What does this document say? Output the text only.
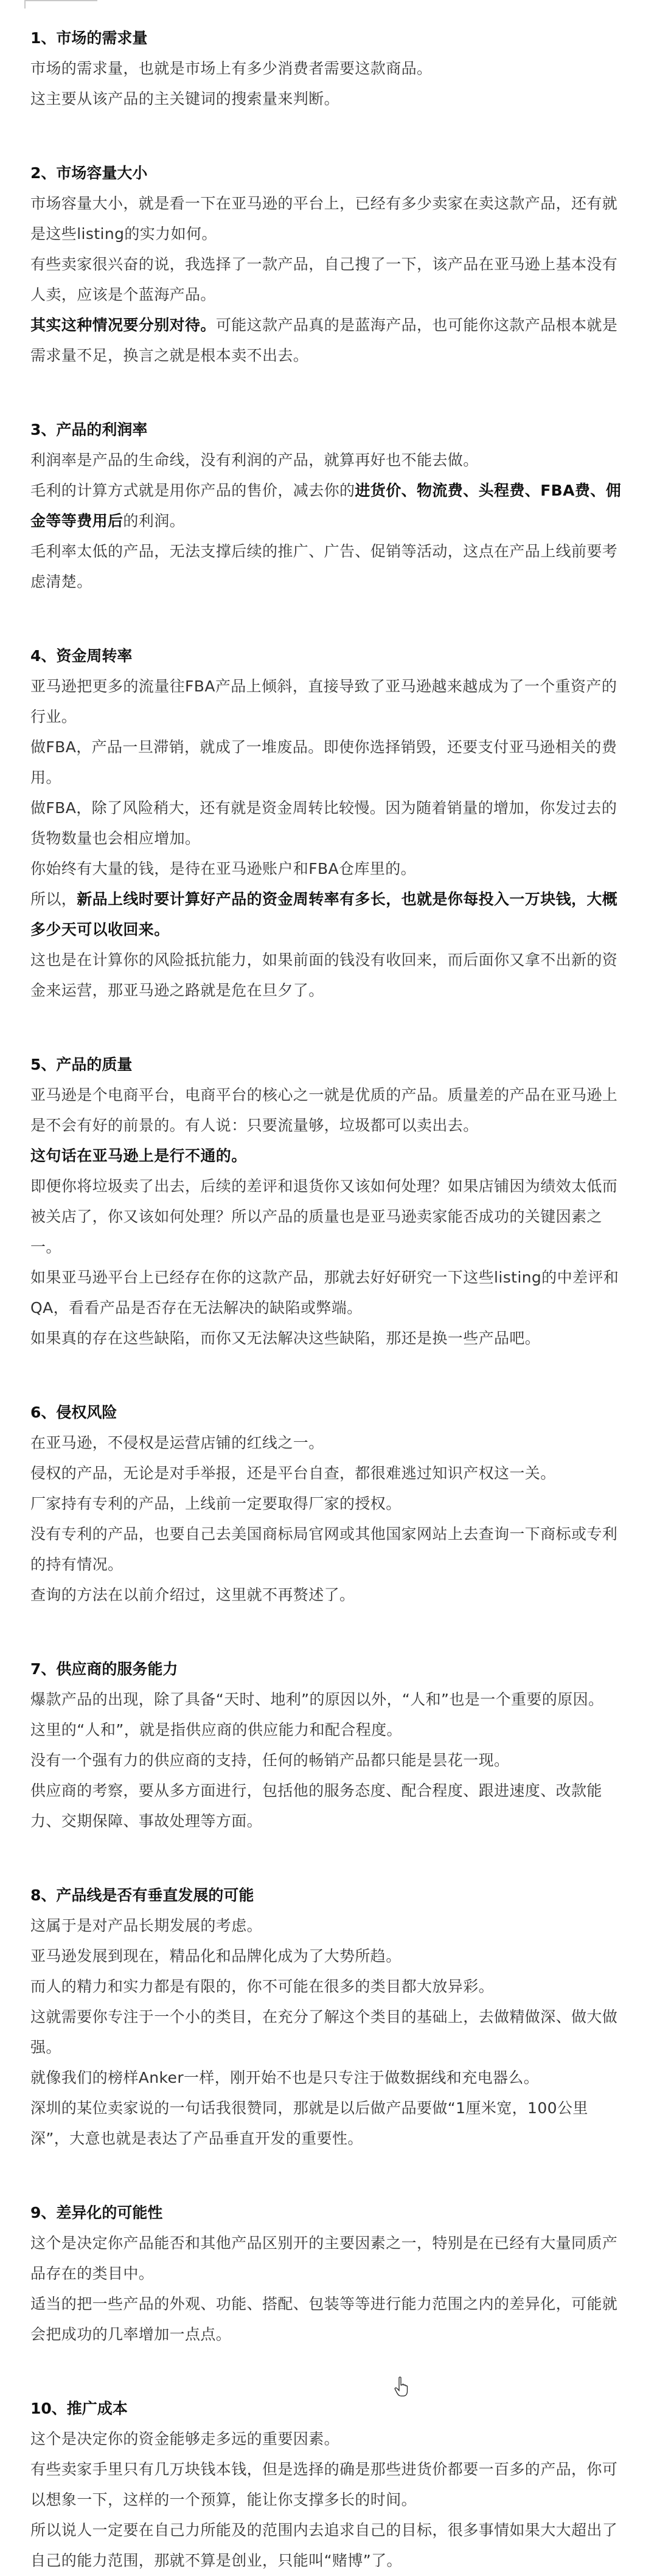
1、市场的需求量
市场的需求量，也就是市场上有多少消费者需要这款商品。
这主要从该产品的主关键词的搜索量来判断。
2、市场容量大小
市场容量大小，就是看一下在亚马逊的平台上，已经有多少卖家在卖这款产品，还有就是这些listing的实力如何。
有些卖家很兴奋的说，我选择了一款产品，自己搜了一下，该产品在亚马逊上基本没有人卖，应该是个蓝海产品。
其实这种情况要分别对待。可能这款产品真的是蓝海产品，也可能你这款产品根本就是需求量不足，换言之就是根本卖不出去。
3、产品的利润率
利润率是产品的生命线，没有利润的产品，就算再好也不能去做。
毛利的计算方式就是用你产品的售价，减去你的进货价、物流费、头程费、FBA费、佣金等等费用后的利润。
毛利率太低的产品，无法支撑后续的推广、广告、促销等活动，这点在产品上线前要考虑清楚。
4、资金周转率
亚马逊把更多的流量往FBA产品上倾斜，直接导致了亚马逊越来越成为了一个重资产的行业。
做FBA，产品一旦滞销，就成了一堆废品。即使你选择销毁，还要支付亚马逊相关的费用。
做FBA，除了风险稍大，还有就是资金周转比较慢。因为随着销量的增加，你发过去的货物数量也会相应增加。
你始终有大量的钱，是待在亚马逊账户和FBA仓库里的。
所以，新品上线时要计算好产品的资金周转率有多长，也就是你每投入一万块钱，大概多少天可以收回来。
这也是在计算你的风险抵抗能力，如果前面的钱没有收回来，而后面你又拿不出新的资金来运营，那亚马逊之路就是危在旦夕了。
5、产品的质量
亚马逊是个电商平台，电商平台的核心之一就是优质的产品。质量差的产品在亚马逊上是不会有好的前景的。有人说：只要流量够，垃圾都可以卖出去。
这句话在亚马逊上是行不通的。
即便你将垃圾卖了出去，后续的差评和退货你又该如何处理？如果店铺因为绩效太低而被关店了，你又该如何处理？所以产品的质量也是亚马逊卖家能否成功的关键因素之一。
如果亚马逊平台上已经存在你的这款产品，那就去好好研究一下这些listing的中差评和QA，看看产品是否存在无法解决的缺陷或弊端。
如果真的存在这些缺陷，而你又无法解决这些缺陷，那还是换一些产品吧。
6、侵权风险
在亚马逊，不侵权是运营店铺的红线之一。
侵权的产品，无论是对手举报，还是平台自查，都很难逃过知识产权这一关。
厂家持有专利的产品，上线前一定要取得厂家的授权。
没有专利的产品，也要自己去美国商标局官网或其他国家网站上去查询一下商标或专利的持有情况。
查询的方法在以前介绍过，这里就不再赘述了。
7、供应商的服务能力
爆款产品的出现，除了具备“天时、地利”的原因以外，“人和”也是一个重要的原因。
这里的“人和”，就是指供应商的供应能力和配合程度。
没有一个强有力的供应商的支持，任何的畅销产品都只能是昙花一现。
供应商的考察，要从多方面进行，包括他的服务态度、配合程度、跟进速度、改款能力、交期保障、事故处理等方面。
8、产品线是否有垂直发展的可能
这属于是对产品长期发展的考虑。
亚马逊发展到现在，精品化和品牌化成为了大势所趋。
而人的精力和实力都是有限的，你不可能在很多的类目都大放异彩。
这就需要你专注于一个小的类目，在充分了解这个类目的基础上，去做精做深、做大做强。
就像我们的榜样Anker一样，刚开始不也是只专注于做数据线和充电器么。
深圳的某位卖家说的一句话我很赞同，那就是以后做产品要做“1厘米宽，100公里深”，大意也就是表达了产品垂直开发的重要性。
9、差异化的可能性
这个是决定你产品能否和其他产品区别开的主要因素之一，特别是在已经有大量同质产品存在的类目中。
适当的把一些产品的外观、功能、搭配、包装等等进行能力范围之内的差异化，可能就会把成功的几率增加一点点。
10、推广成本
这个是决定你的资金能够走多远的重要因素。
有些卖家手里只有几万块钱本钱，但是选择的确是那些进货价都要一百多的产品，你可以想象一下，这样的一个预算，能让你支撑多长的时间。
所以说人一定要在自己力所能及的范围内去追求自己的目标，很多事情如果大大超出了自己的能力范围，那就不算是创业，只能叫“赌博”了。
